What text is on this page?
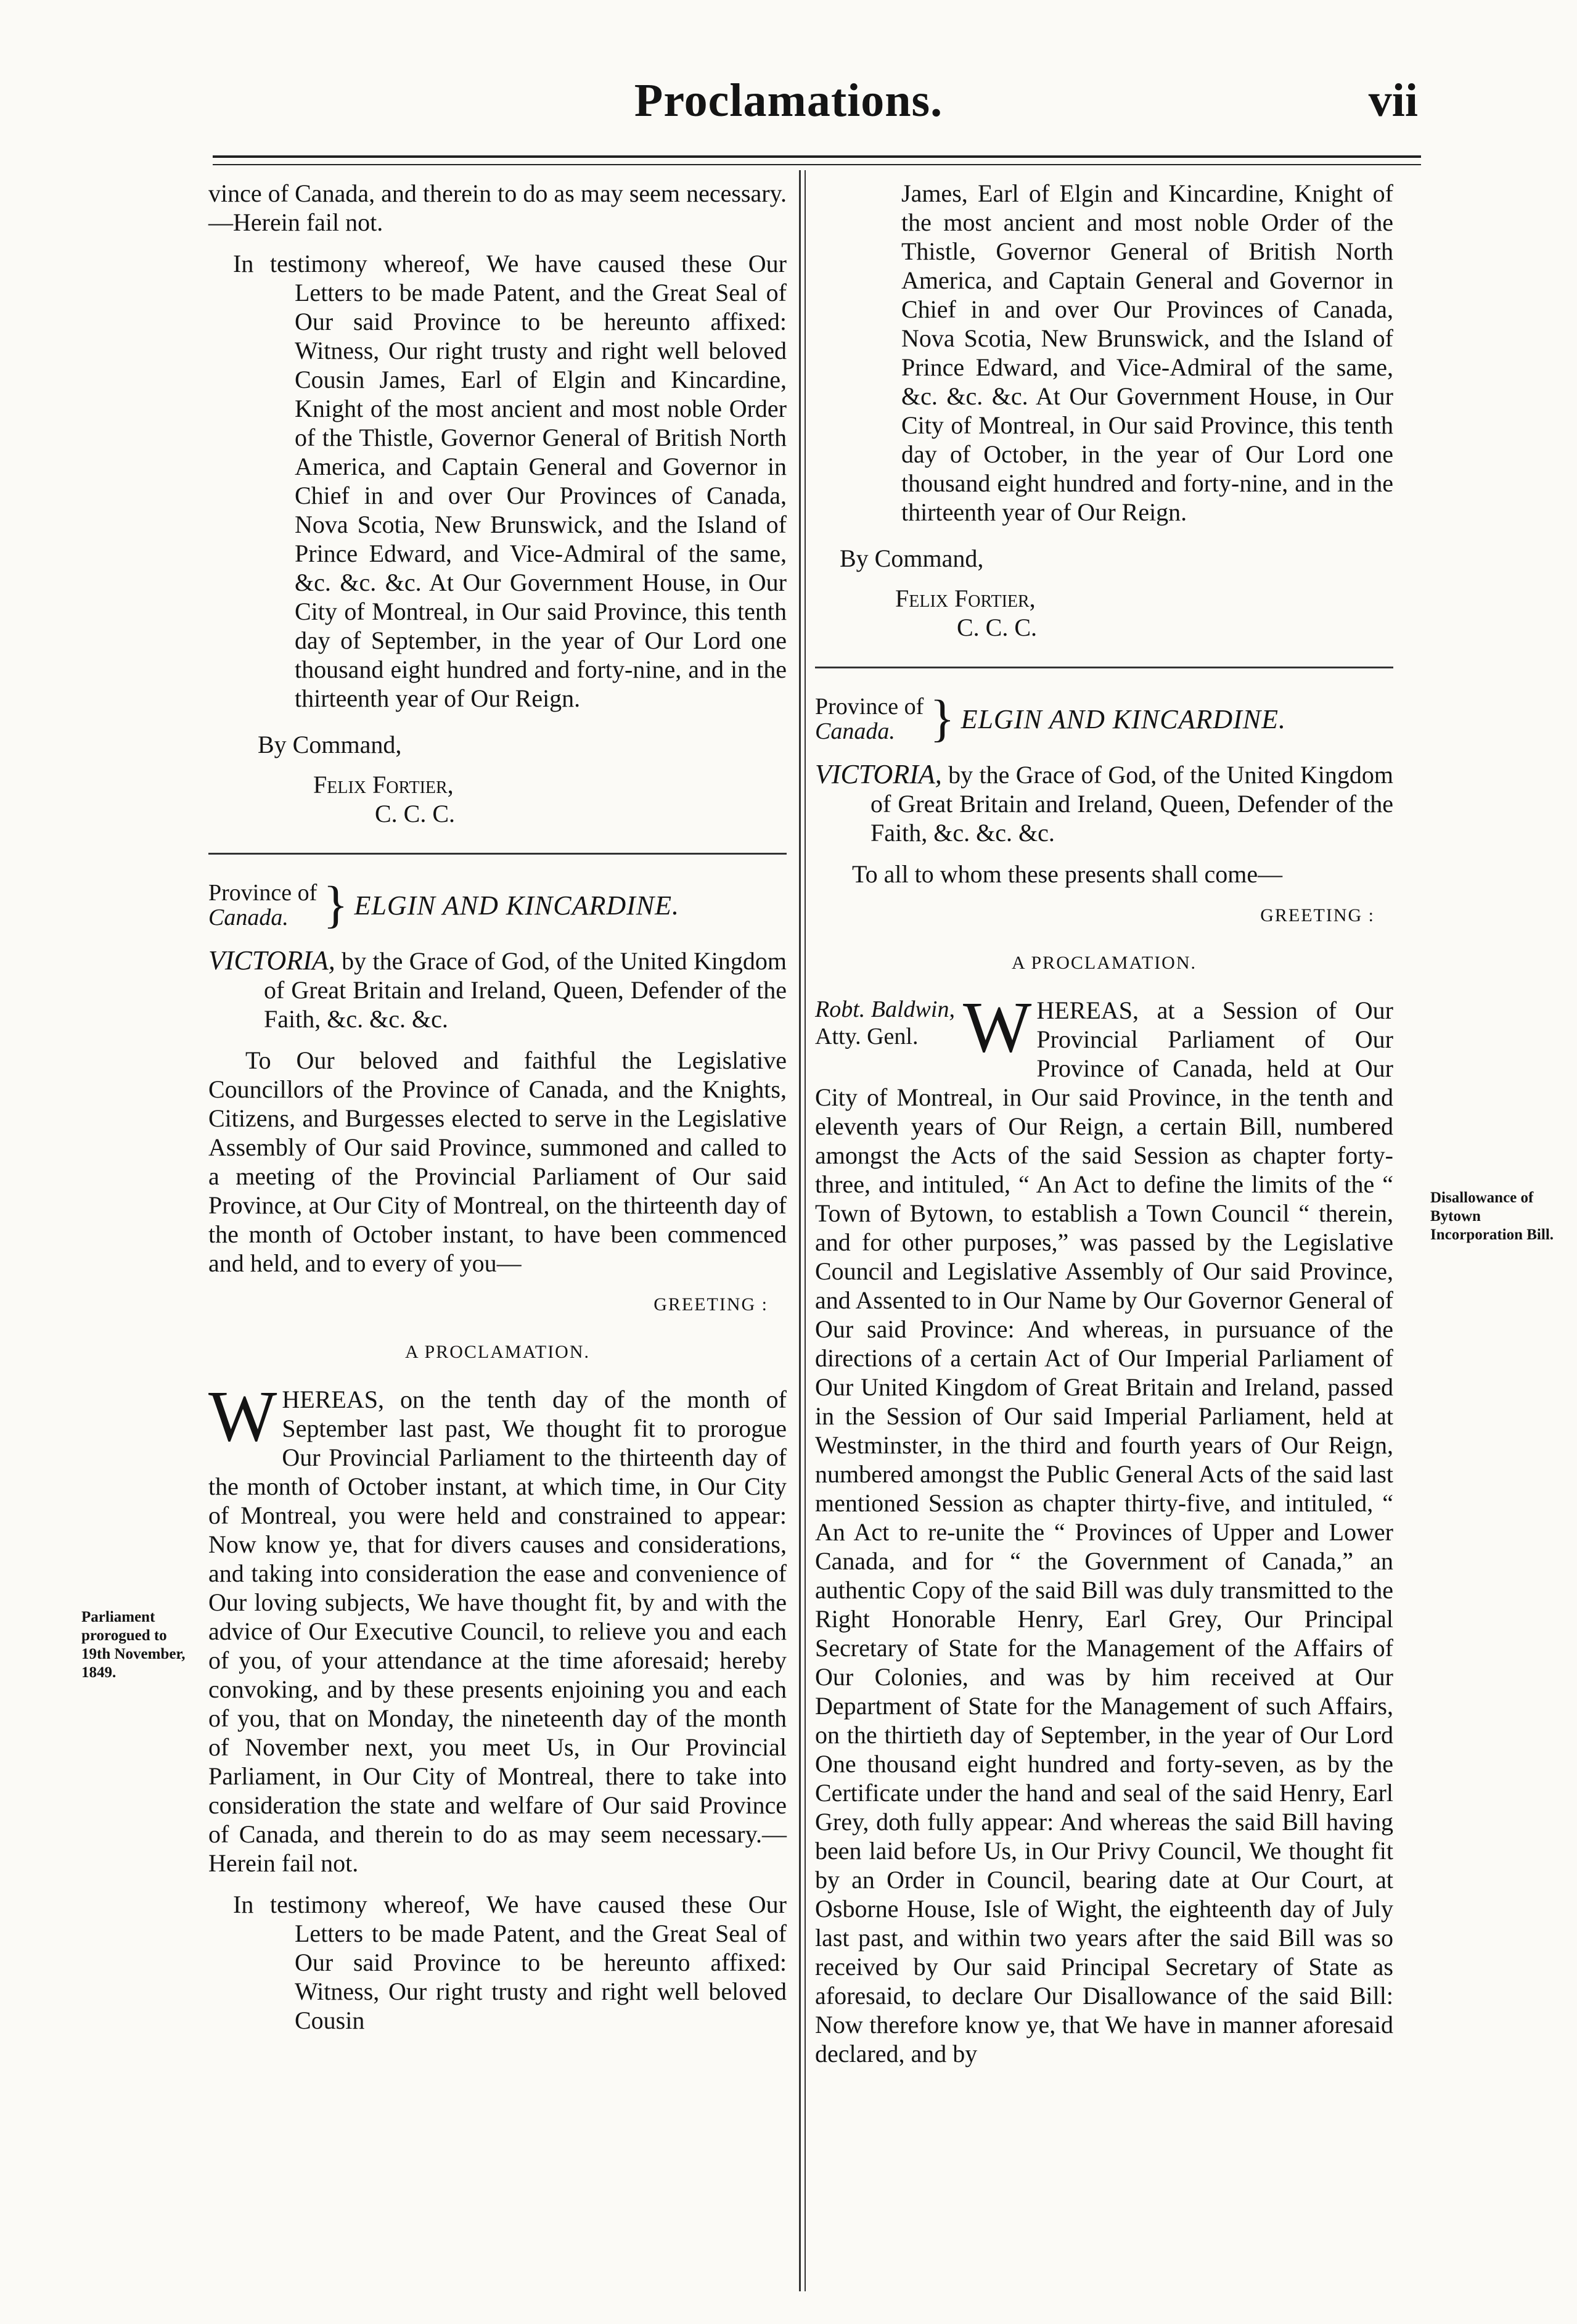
Proclamations.	vii
Parliament prorogued to 19th November, 1849.
Disallowance of Bytown Incorporation Bill.

vince of Canada, and therein to do as may seem necessary.—Herein fail not.

In testimony whereof, We have caused these Our Letters to be made Patent, and the Great Seal of Our said Province to be hereunto affixed: Witness, Our right trusty and right well beloved Cousin James, Earl of Elgin and Kincardine, Knight of the most ancient and most noble Order of the Thistle, Governor General of British North America, and Captain General and Governor in Chief in and over Our Provinces of Canada, Nova Scotia, New Brunswick, and the Island of Prince Edward, and Vice-Admiral of the same, &c. &c. &c. At Our Government House, in Our City of Montreal, in Our said Province, this tenth day of September, in the year of Our Lord one thousand eight hundred and forty-nine, and in the thirteenth year of Our Reign.

By Command,
Felix Fortier,
C. C. C.
Province of
Canada. } ELGIN AND KINCARDINE.

VICTORIA, by the Grace of God, of the United Kingdom of Great Britain and Ireland, Queen, Defender of the Faith, &c. &c. &c.

To Our beloved and faithful the Legislative Councillors of the Province of Canada, and the Knights, Citizens, and Burgesses elected to serve in the Legislative Assembly of Our said Province, summoned and called to a meeting of the Provincial Parliament of Our said Province, at Our City of Montreal, on the thirteenth day of the month of October instant, to have been commenced and held, and to every of you—

GREETING :
A PROCLAMATION.

WHEREAS, on the tenth day of the month of September last past, We thought fit to prorogue Our Provincial Parliament to the thirteenth day of the month of October instant, at which time, in Our City of Montreal, you were held and constrained to appear: Now know ye, that for divers causes and considerations, and taking into consideration the ease and convenience of Our loving subjects, We have thought fit, by and with the advice of Our Executive Council, to relieve you and each of you, of your attendance at the time aforesaid; hereby convoking, and by these presents enjoining you and each of you, that on Monday, the nineteenth day of the month of November next, you meet Us, in Our Provincial Parliament, in Our City of Montreal, there to take into consideration the state and welfare of Our said Province of Canada, and therein to do as may seem necessary.—Herein fail not.

In testimony whereof, We have caused these Our Letters to be made Patent, and the Great Seal of Our said Province to be hereunto affixed: Witness, Our right trusty and right well beloved Cousin

James, Earl of Elgin and Kincardine, Knight of the most ancient and most noble Order of the Thistle, Governor General of British North America, and Captain General and Governor in Chief in and over Our Provinces of Canada, Nova Scotia, New Brunswick, and the Island of Prince Edward, and Vice-Admiral of the same, &c. &c. &c. At Our Government House, in Our City of Montreal, in Our said Province, this tenth day of October, in the year of Our Lord one thousand eight hundred and forty-nine, and in the thirteenth year of Our Reign.

By Command,
Felix Fortier,
C. C. C.
Province of
Canada. } ELGIN AND KINCARDINE.

VICTORIA, by the Grace of God, of the United Kingdom of Great Britain and Ireland, Queen, Defender of the Faith, &c. &c. &c.

To all to whom these presents shall come—

GREETING :
A PROCLAMATION.
Robt. Baldwin,
Atty. Genl. W HEREAS, at a Session of Our Provincial Parliament of Our Province of Canada, held at Our City of Montreal, in Our said Province, in the tenth and eleventh years of Our Reign, a certain Bill, numbered amongst the Acts of the said Session as chapter forty-three, and intituled, “ An Act to define the limits of the “ Town of Bytown, to establish a Town Council “ therein, and for other purposes,” was passed by the Legislative Council and Legislative Assembly of Our said Province, and Assented to in Our Name by Our Governor General of Our said Province: And whereas, in pursuance of the directions of a certain Act of Our Imperial Parliament of Our United Kingdom of Great Britain and Ireland, passed in the Session of Our said Imperial Parliament, held at Westminster, in the third and fourth years of Our Reign, numbered amongst the Public General Acts of the said last mentioned Session as chapter thirty-five, and intituled, “ An Act to re-unite the “ Provinces of Upper and Lower Canada, and for “ the Government of Canada,” an authentic Copy of the said Bill was duly transmitted to the Right Honorable Henry, Earl Grey, Our Principal Secretary of State for the Management of the Affairs of Our Colonies, and was by him received at Our Department of State for the Management of such Affairs, on the thirtieth day of September, in the year of Our Lord One thousand eight hundred and forty-seven, as by the Certificate under the hand and seal of the said Henry, Earl Grey, doth fully appear: And whereas the said Bill having been laid before Us, in Our Privy Council, We thought fit by an Order in Council, bearing date at Our Court, at Osborne House, Isle of Wight, the eighteenth day of July last past, and within two years after the said Bill was so received by Our said Principal Secretary of State as aforesaid, to declare Our Disallowance of the said Bill: Now therefore know ye, that We have in manner aforesaid declared, and by
